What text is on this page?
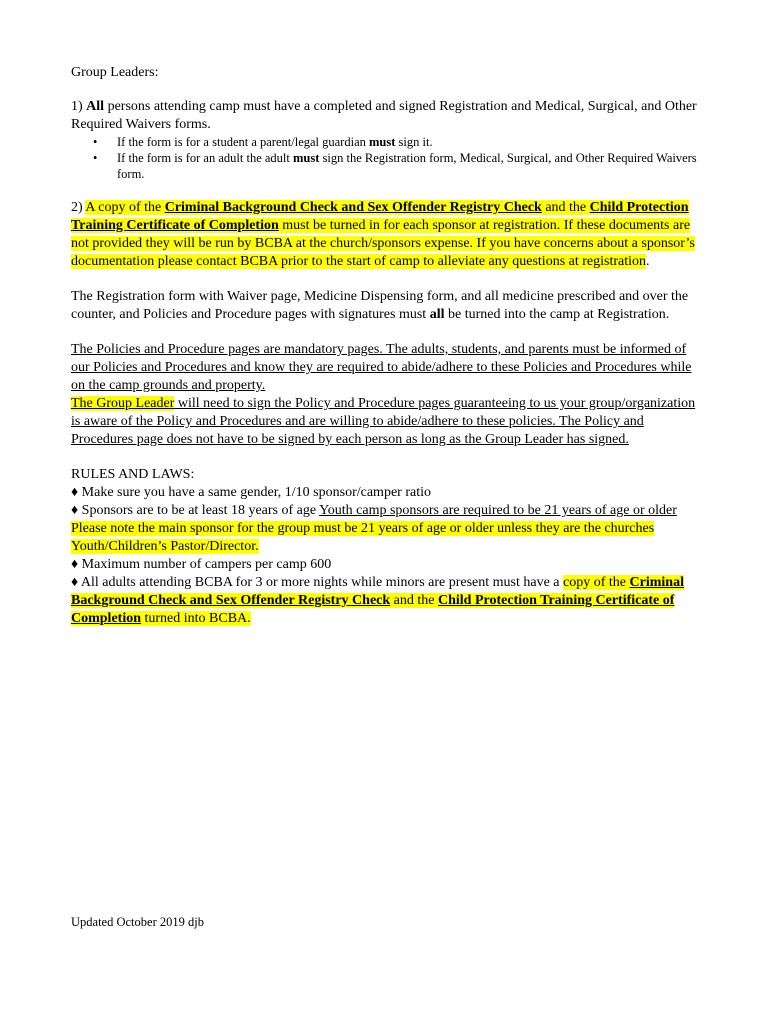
Group Leaders:

1) All persons attending camp must have a completed and signed Registration and Medical, Surgical, and Other Required Waivers forms.

• If the form is for a student a parent/legal guardian must sign it.
• If the form is for an adult the adult must sign the Registration form, Medical, Surgical, and Other Required Waivers form.

2) A copy of the Criminal Background Check and Sex Offender Registry Check and the Child Protection Training Certificate of Completion must be turned in for each sponsor at registration. If these documents are not provided they will be run by BCBA at the church/sponsors expense. If you have concerns about a sponsor’s documentation please contact BCBA prior to the start of camp to alleviate any questions at registration.

The Registration form with Waiver page, Medicine Dispensing form, and all medicine prescribed and over the counter, and Policies and Procedure pages with signatures must all be turned into the camp at Registration.

The Policies and Procedure pages are mandatory pages. The adults, students, and parents must be informed of our Policies and Procedures and know they are required to abide/adhere to these Policies and Procedures while on the camp grounds and property.
The Group Leader will need to sign the Policy and Procedure pages guaranteeing to us your group/organization is aware of the Policy and Procedures and are willing to abide/adhere to these policies. The Policy and Procedures page does not have to be signed by each person as long as the Group Leader has signed.

RULES AND LAWS:

♦ Make sure you have a same gender, 1/10 sponsor/camper ratio

♦ Sponsors are to be at least 18 years of age Youth camp sponsors are required to be 21 years of age or older Please note the main sponsor for the group must be 21 years of age or older unless they are the churches Youth/Children’s Pastor/Director.

♦ Maximum number of campers per camp 600

♦ All adults attending BCBA for 3 or more nights while minors are present must have a copy of the Criminal Background Check and Sex Offender Registry Check and the Child Protection Training Certificate of Completion turned into BCBA.

Updated October 2019 djb
